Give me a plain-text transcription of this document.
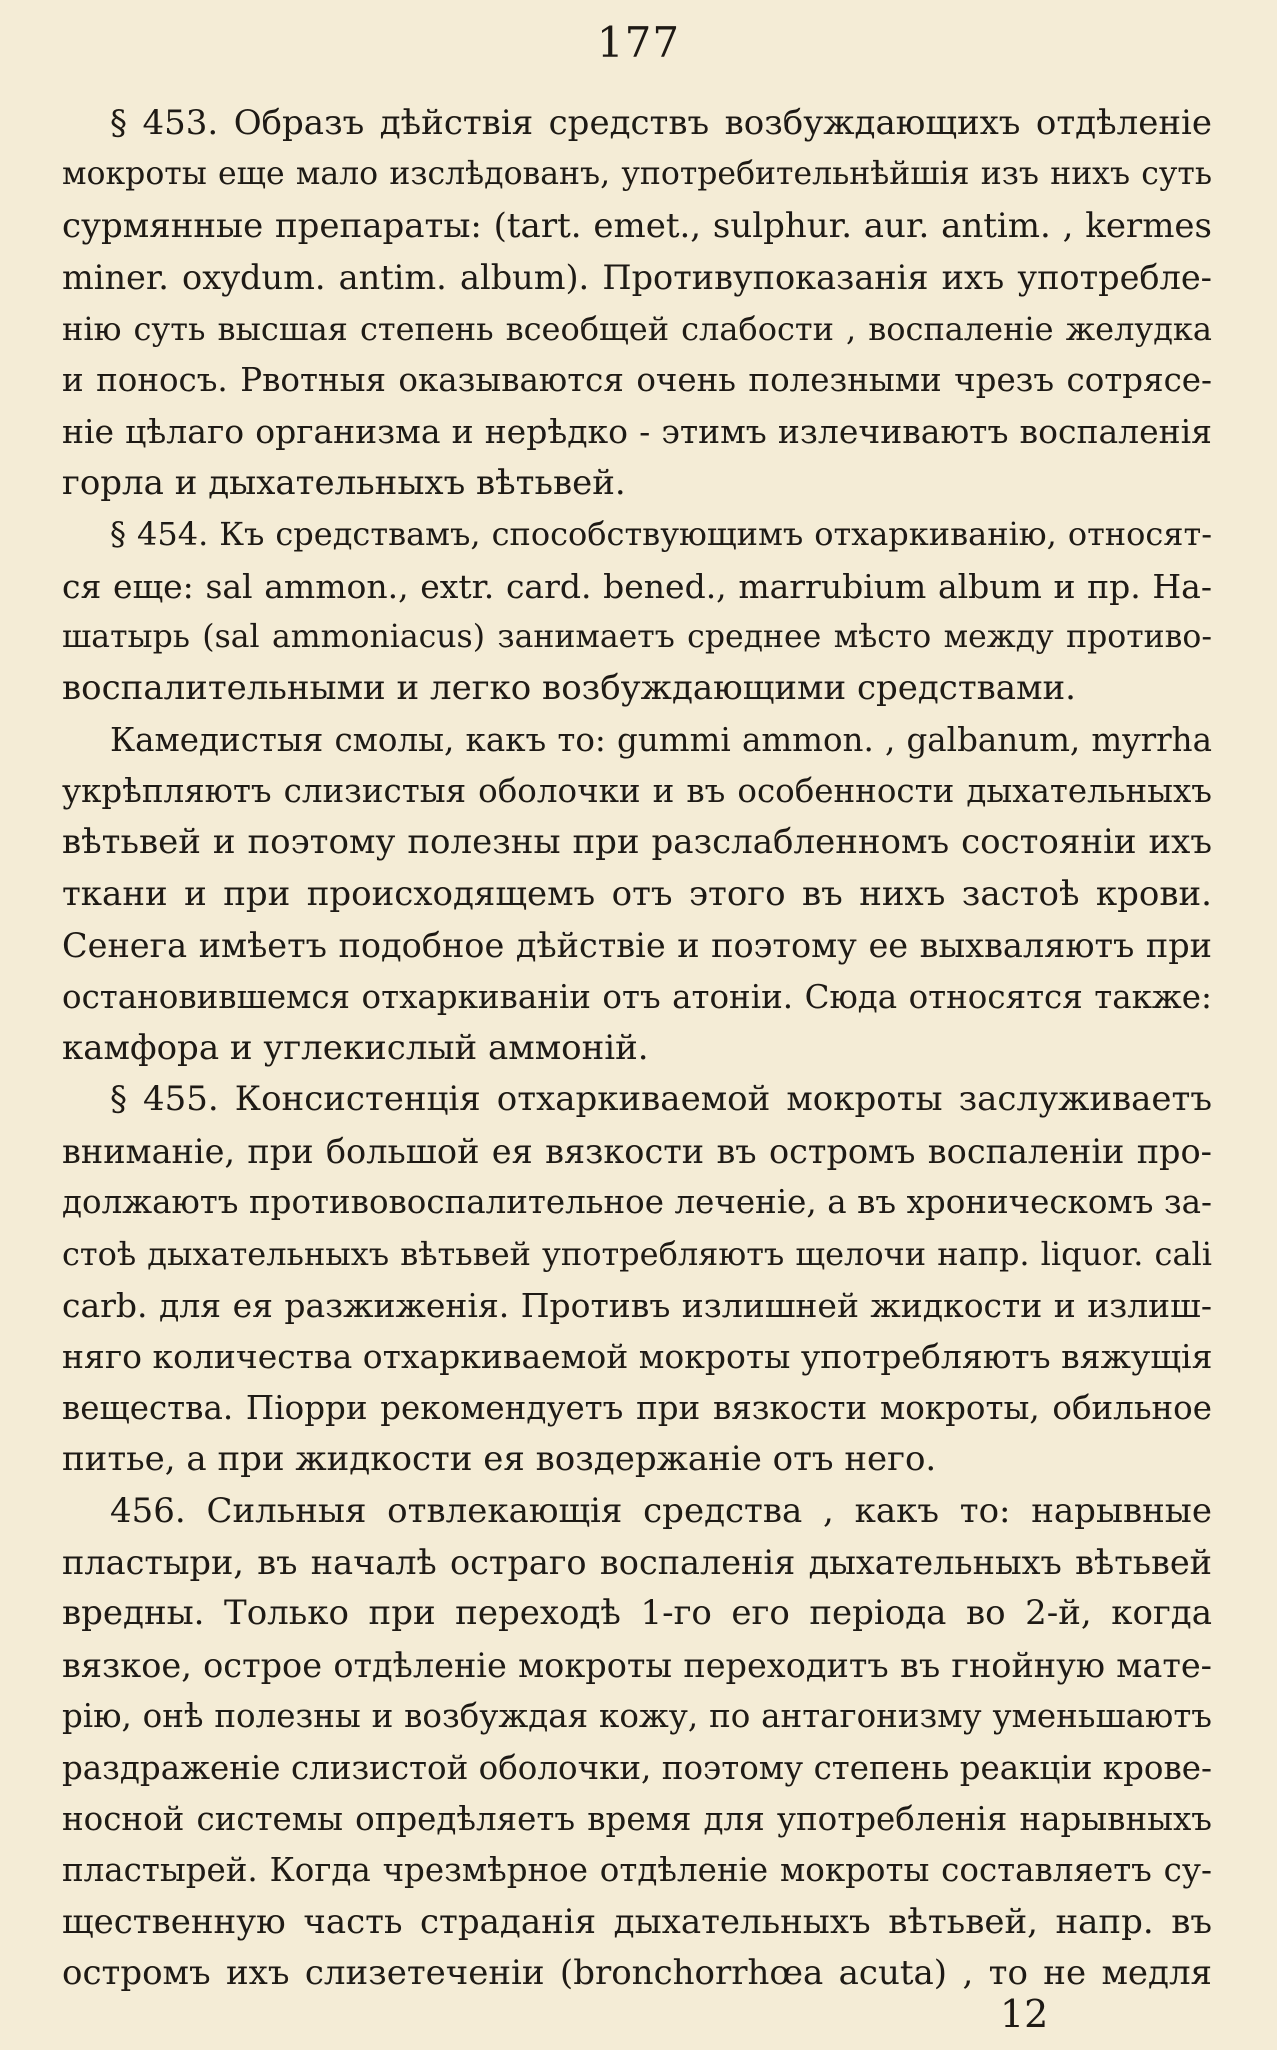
177
§ 453. Образъ дѣйствія средствъ возбуждающихъ отдѣленіе
мокроты еще мало изслѣдованъ, употребительнѣйшія изъ нихъ суть
сурмянные препараты: (tart. emet., sulphur. aur. antim. , kermes
miner. oxydum. antim. album). Противупоказанія ихъ употребле-
нію суть высшая степень всеобщей слабости , воспаленіе желудка
и поносъ. Рвотныя оказываются очень полезными чрезъ сотрясе-
ніе цѣлаго организма и нерѣдко - этимъ излечиваютъ воспаленія
горла и дыхательныхъ вѣтьвей.
§ 454. Къ средствамъ, способствующимъ отхаркиванію, относят-
ся еще: sal ammon., extr. card. bened., marrubium album и пр. На-
шатырь (sal ammoniacus) занимаетъ среднее мѣсто между противо-
воспалительными и легко возбуждающими средствами.
Камедистыя смолы, какъ то: gummi ammon. , galbanum, myrrha
укрѣпляютъ слизистыя оболочки и въ особенности дыхательныхъ
вѣтьвей и поэтому полезны при разслабленномъ состояніи ихъ
ткани и при происходящемъ отъ этого въ нихъ застоѣ крови.
Сенега имѣетъ подобное дѣйствіе и поэтому ее выхваляютъ при
остановившемся отхаркиваніи отъ атоніи. Сюда относятся также:
камфора и углекислый аммоній.
§ 455. Консистенція отхаркиваемой мокроты заслуживаетъ
вниманіе, при большой ея вязкости въ остромъ воспаленіи про-
должаютъ противовоспалительное леченіе, а въ хроническомъ за-
стоѣ дыхательныхъ вѣтьвей употребляютъ щелочи напр. liquor. cali
carb. для ея разжиженія. Противъ излишней жидкости и излиш-
няго количества отхаркиваемой мокроты употребляютъ вяжущія
вещества. Піорри рекомендуетъ при вязкости мокроты, обильное
питье, а при жидкости ея воздержаніе отъ него.
456. Сильныя отвлекающія средства , какъ то: нарывные
пластыри, въ началѣ остраго воспаленія дыхательныхъ вѣтьвей
вредны. Только при переходѣ 1-го его періода во 2-й, когда
вязкое, острое отдѣленіе мокроты переходитъ въ гнойную мате-
рію, онѣ полезны и возбуждая кожу, по антагонизму уменьшаютъ
раздраженіе слизистой оболочки, поэтому степень реакціи крове-
носной системы опредѣляетъ время для употребленія нарывныхъ
пластырей. Когда чрезмѣрное отдѣленіе мокроты составляетъ су-
щественную часть страданія дыхательныхъ вѣтьвей, напр. въ
остромъ ихъ слизетеченіи (bronchorrhœa acuta) , то не медля
12
